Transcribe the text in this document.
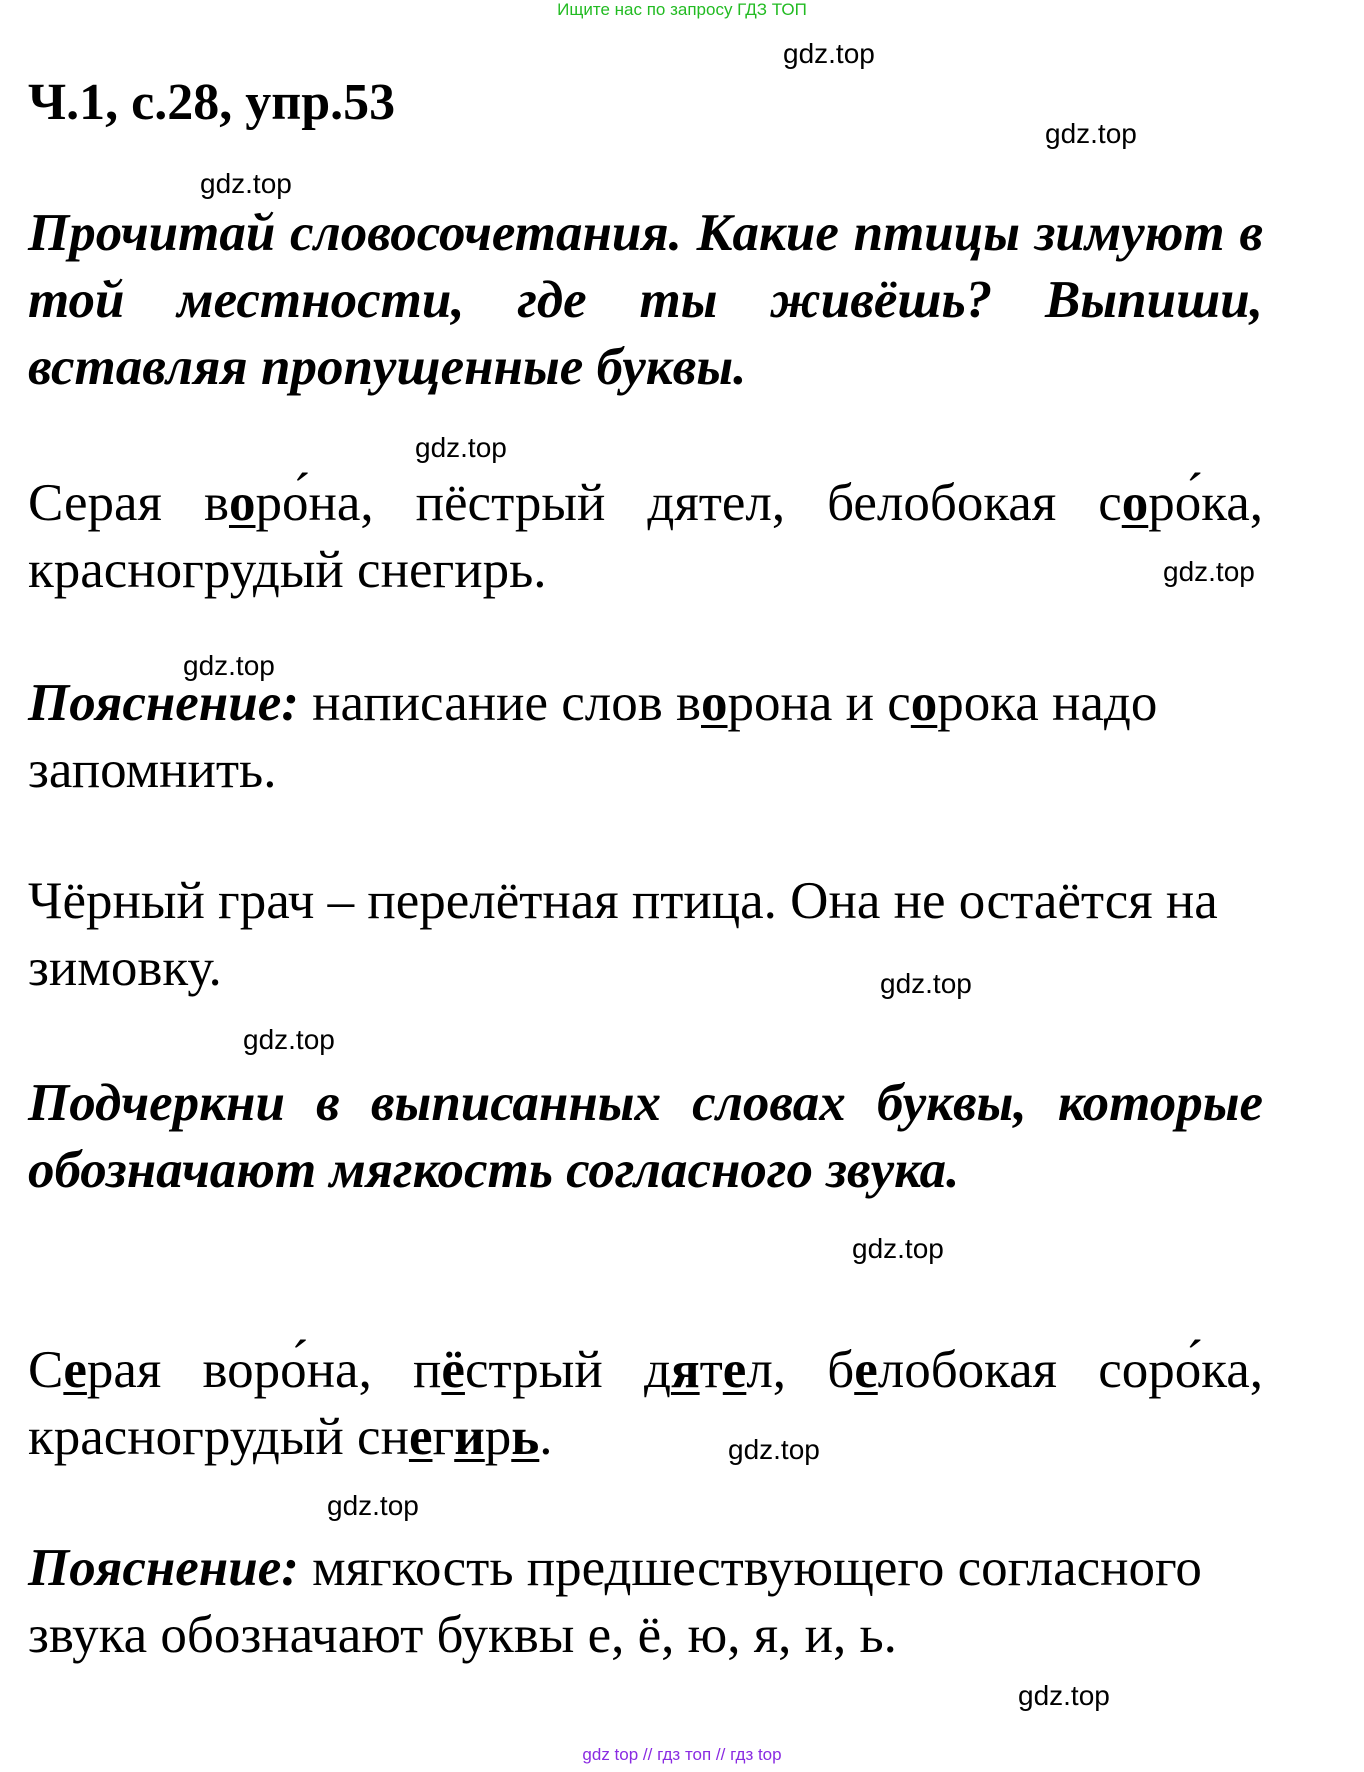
Ищите нас по запросу ГДЗ ТОП
gdz.top
gdz.top
gdz.top
gdz.top
gdz.top
gdz.top
gdz.top
gdz.top
gdz.top
gdz.top
gdz.top
gdz.top
Ч.1, с.28, упр.53

Прочитай словосочетания. Какие птицы зимуют в той местности, где ты живёшь? Выпиши, вставляя пропущенные буквы.

Серая воро́на, пёстрый дятел, белобокая соро́ка, красногрудый снегирь.

Пояснение: написание слов ворона и сорока надо запомнить.

Чёрный грач – перелётная птица. Она не остаётся на зимовку.

Подчеркни в выписанных словах буквы, которые обозначают мягкость согласного звука.

Серая воро́на, пёстрый дятел, белобокая соро́ка, красногрудый снегирь.

Пояснение: мягкость предшествующего согласного звука обозначают буквы е, ё, ю, я, и, ь.

gdz top // гдз топ // гдз top
